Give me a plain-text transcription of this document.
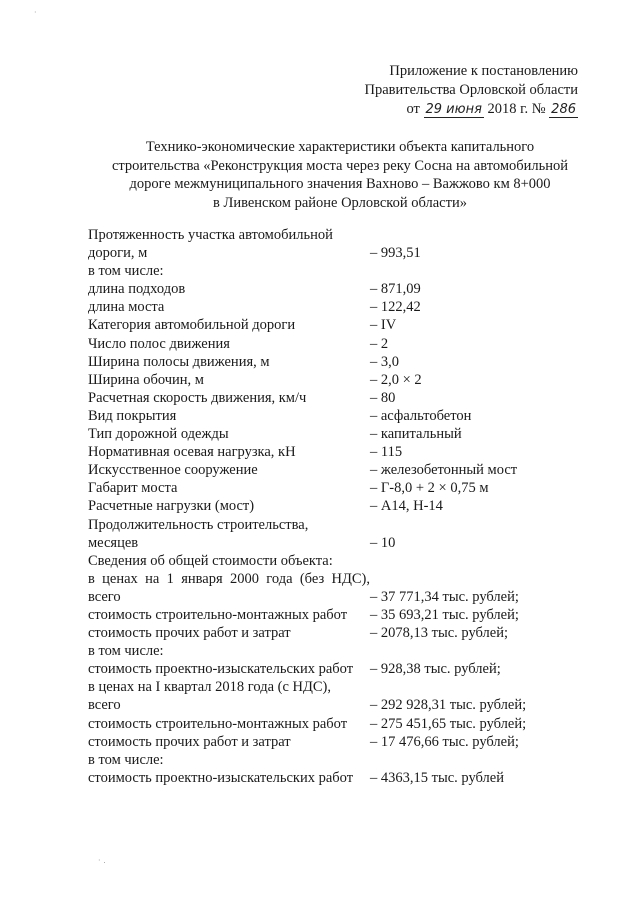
Приложение к постановлению
Правительства Орловской области
от 29 июня 2018 г. № 286
Технико-экономические характеристики объекта капитального
строительства «Реконструкция моста через реку Сосна на автомобильной
дороге межмуниципального значения Вахново – Важжово км 8+000
в Ливенском районе Орловской области»
Протяженность участка автомобильной
дороги, м	– 993,51
в том числе:
длина подходов	– 871,09
длина моста	– 122,42
Категория автомобильной дороги	– IV
Число полос движения	– 2
Ширина полосы движения, м	– 3,0
Ширина обочин, м	– 2,0 × 2
Расчетная скорость движения, км/ч	– 80
Вид покрытия	– асфальтобетон
Тип дорожной одежды	– капитальный
Нормативная осевая нагрузка, кН	– 115
Искусственное сооружение	– железобетонный мост
Габарит моста	– Г-8,0 + 2 × 0,75 м
Расчетные нагрузки (мост)	– А14, Н-14
Продолжительность строительства,
месяцев	– 10
Сведения об общей стоимости объекта:
в ценах на 1 января 2000 года (без НДС),
всего	– 37 771,34 тыс. рублей;
стоимость строительно-монтажных работ	– 35 693,21 тыс. рублей;
стоимость прочих работ и затрат	– 2078,13 тыс. рублей;
в том числе:
стоимость проектно-изыскательских работ	– 928,38 тыс. рублей;
в ценах на I квартал 2018 года (с НДС),
всего	– 292 928,31 тыс. рублей;
стоимость строительно-монтажных работ	– 275 451,65 тыс. рублей;
стоимость прочих работ и затрат	– 17 476,66 тыс. рублей;
в том числе:
стоимость проектно-изыскательских работ	– 4363,15 тыс. рублей
·
· .
